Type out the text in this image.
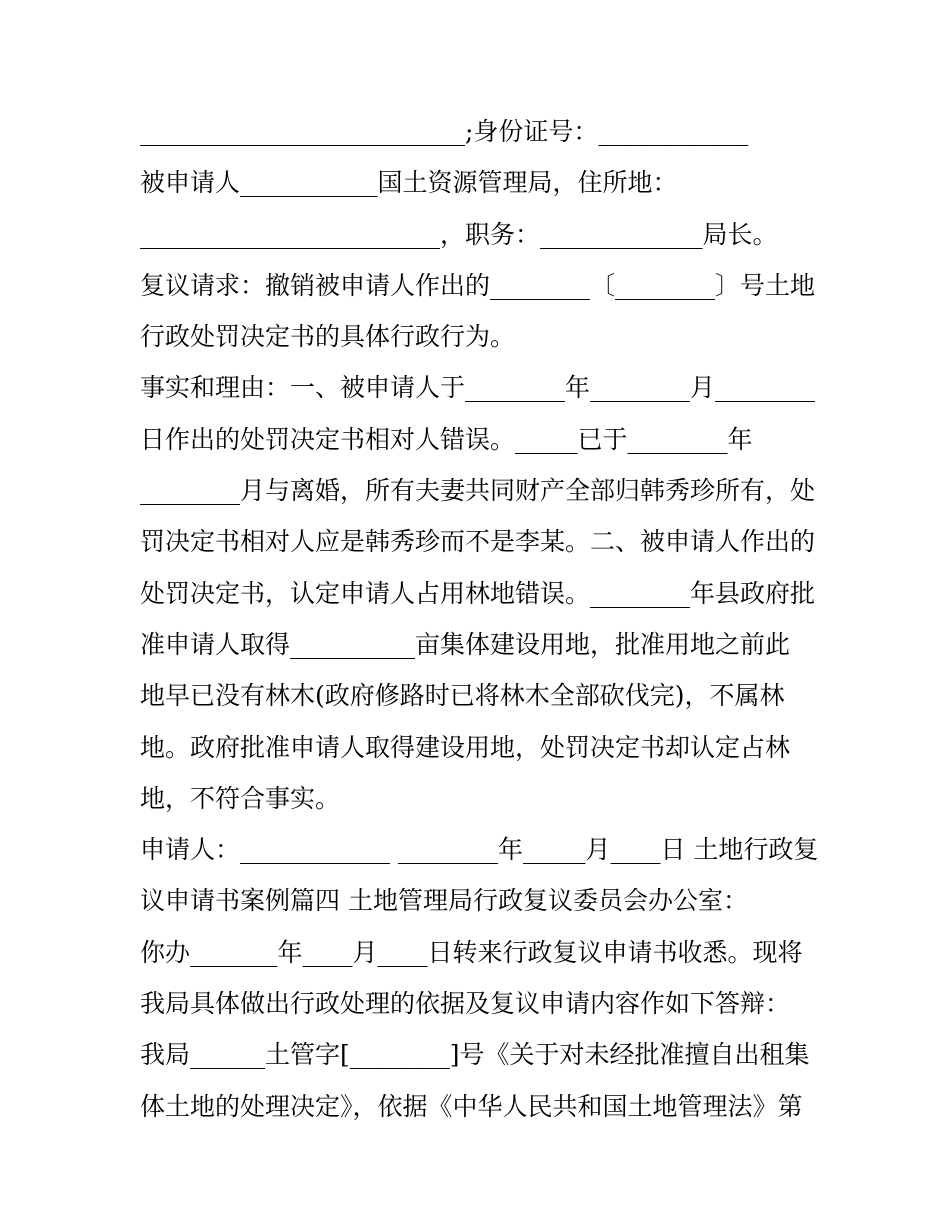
__________________________;身份证号：____________
被申请人___________国土资源管理局，住所地：
________________________，职务：_____________局长。
复议请求：撤销被申请人作出的________〔________〕号土地
行政处罚决定书的具体行政行为。
事实和理由：一、被申请人于________年________月________
日作出的处罚决定书相对人错误。_____已于________年
________月与离婚，所有夫妻共同财产全部归韩秀珍所有，处
罚决定书相对人应是韩秀珍而不是李某。二、被申请人作出的
处罚决定书，认定申请人占用林地错误。________年县政府批
准申请人取得__________亩集体建设用地，批准用地之前此
地早已没有林木(政府修路时已将林木全部砍伐完)，不属林
地。政府批准申请人取得建设用地，处罚决定书却认定占林
地，不符合事实。
申请人：____________ ________年_____月____日 土地行政复
议申请书案例篇四 土地管理局行政复议委员会办公室：
你办_______年____月____日转来行政复议申请书收悉。现将
我局具体做出行政处理的依据及复议申请内容作如下答辩：
我局______土管字[________]号《关于对未经批准擅自出租集
体土地的处理决定》，依据《中华人民共和国土地管理法》第
